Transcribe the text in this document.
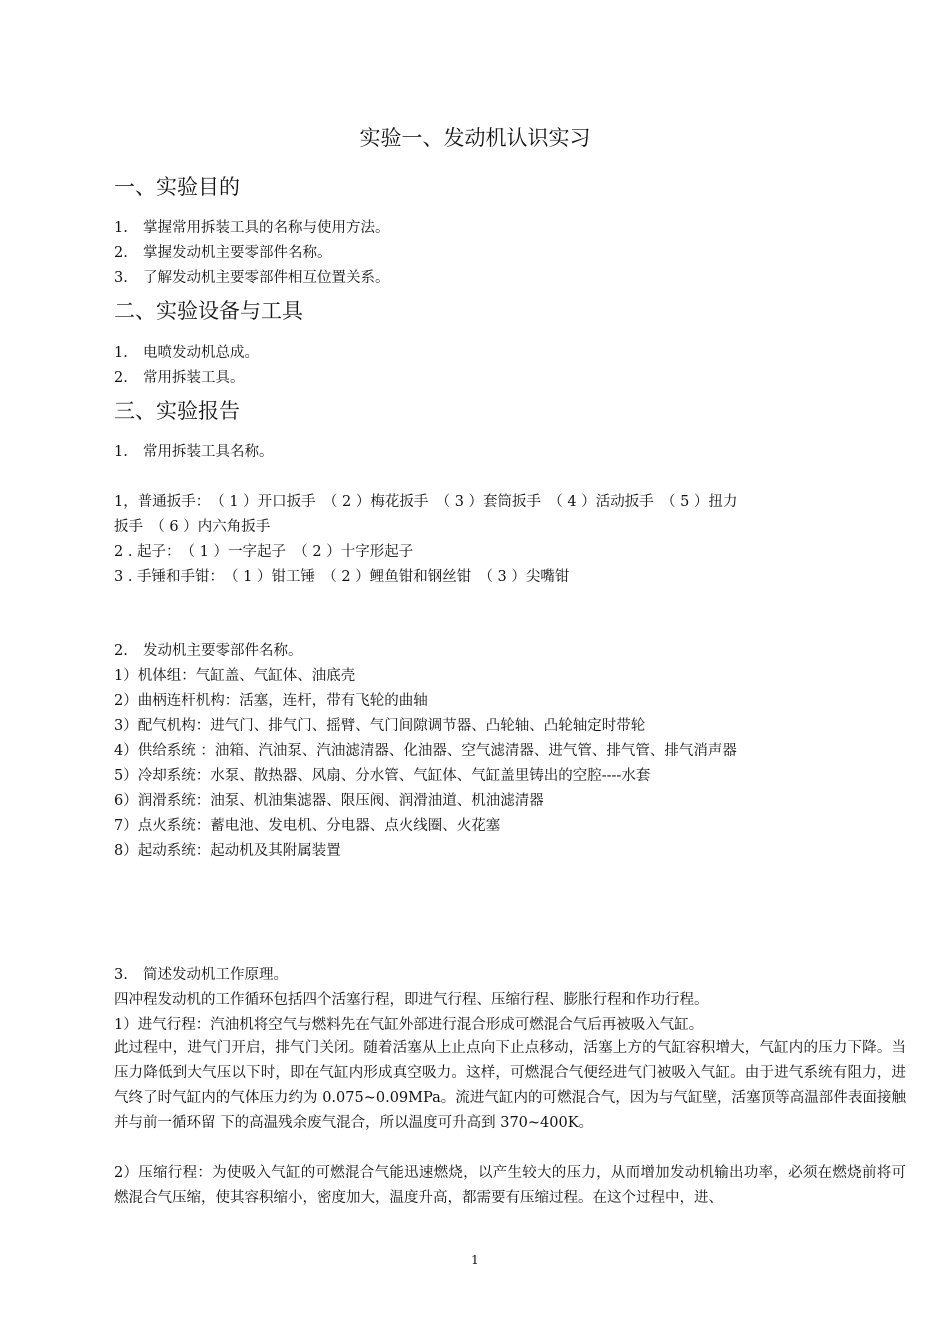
实验一、发动机认识实习
一、实验目的
1. 掌握常用拆装工具的名称与使用方法。
2. 掌握发动机主要零部件名称。
3. 了解发动机主要零部件相互位置关系。
二、实验设备与工具
1. 电喷发动机总成。
2. 常用拆装工具。
三、实验报告
1. 常用拆装工具名称。
1，普通扳手：　（ 1 ）开口扳手　（ 2 ）梅花扳手　（ 3 ）套筒扳手　（ 4 ）活动扳手　（ 5 ）扭力
扳手　（ 6 ）内六角扳手
2 . 起子：　（ 1 ）一字起子　（ 2 ）十字形起子
3 . 手锤和手钳：　（ 1 ）钳工锤　（ 2 ）鲤鱼钳和钢丝钳　（ 3 ）尖嘴钳
2. 发动机主要零部件名称。
1）机体组：气缸盖、气缸体、油底壳
2）曲柄连杆机构：活塞，连杆，带有飞轮的曲轴
3）配气机构：进气门、排气门、摇臂、气门间隙调节器、凸轮轴、凸轮轴定时带轮
4）供给系统 ：油箱、汽油泵、汽油滤清器、化油器、空气滤清器、进气管、排气管、排气消声器
5）冷却系统：水泵、散热器、风扇、分水管、气缸体、气缸盖里铸出的空腔----水套
6）润滑系统：油泵、机油集滤器、限压阀、润滑油道、机油滤清器
7）点火系统：蓄电池、发电机、分电器、点火线圈、火花塞
8）起动系统：起动机及其附属装置
3. 简述发动机工作原理。
四冲程发动机的工作循环包括四个活塞行程，即进气行程、压缩行程、膨胀行程和作功行程。
1）进气行程：汽油机将空气与燃料先在气缸外部进行混合形成可燃混合气后再被吸入气缸。
此过程中，进气门开启，排气门关闭。随着活塞从上止点向下止点移动，活塞上方的气缸容积增大，气缸内的压力下降。当压力降低到大气压以下时，即在气缸内形成真空吸力。这样，可燃混合气便经进气门被吸入气缸。由于进气系统有阻力，进气终了时气缸内的气体压力约为 0.075~0.09MPa。流进气缸内的可燃混合气，因为与气缸壁，活塞顶等高温部件表面接触并与前一循环留 下的高温残余废气混合，所以温度可升高到 370~400K。
2）压缩行程：为使吸入气缸的可燃混合气能迅速燃烧，以产生较大的压力，从而增加发动机输出功率，必须在燃烧前将可燃混合气压缩，使其容积缩小，密度加大，温度升高，都需要有压缩过程。在这个过程中，进、
1
